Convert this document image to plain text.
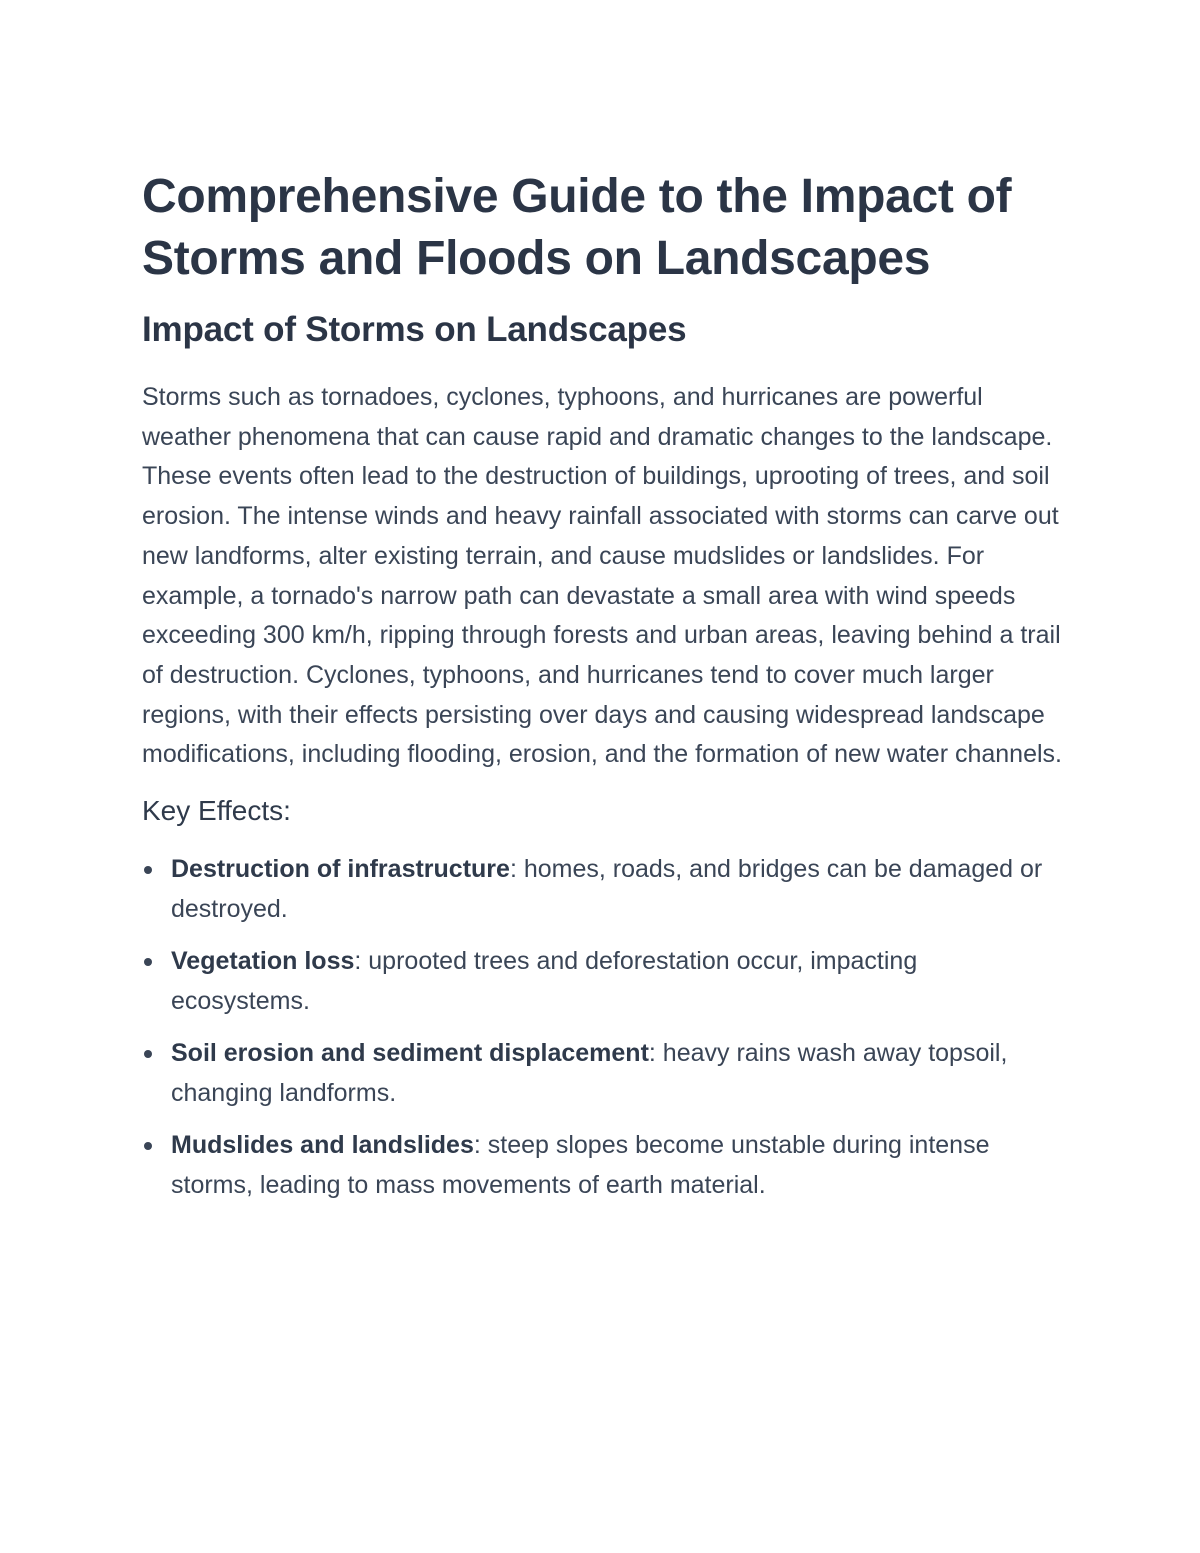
Comprehensive Guide to the Impact of Storms and Floods on Landscapes
Impact of Storms on Landscapes

Storms such as tornadoes, cyclones, typhoons, and hurricanes are powerful weather phenomena that can cause rapid and dramatic changes to the landscape. These events often lead to the destruction of buildings, uprooting of trees, and soil erosion. The intense winds and heavy rainfall associated with storms can carve out new landforms, alter existing terrain, and cause mudslides or landslides. For example, a tornado's narrow path can devastate a small area with wind speeds exceeding 300 km/h, ripping through forests and urban areas, leaving behind a trail of destruction. Cyclones, typhoons, and hurricanes tend to cover much larger regions, with their effects persisting over days and causing widespread landscape modifications, including flooding, erosion, and the formation of new water channels.

Key Effects:
Destruction of infrastructure: homes, roads, and bridges can be damaged or destroyed.
Vegetation loss: uprooted trees and deforestation occur, impacting ecosystems.
Soil erosion and sediment displacement: heavy rains wash away topsoil, changing landforms.
Mudslides and landslides: steep slopes become unstable during intense storms, leading to mass movements of earth material.
